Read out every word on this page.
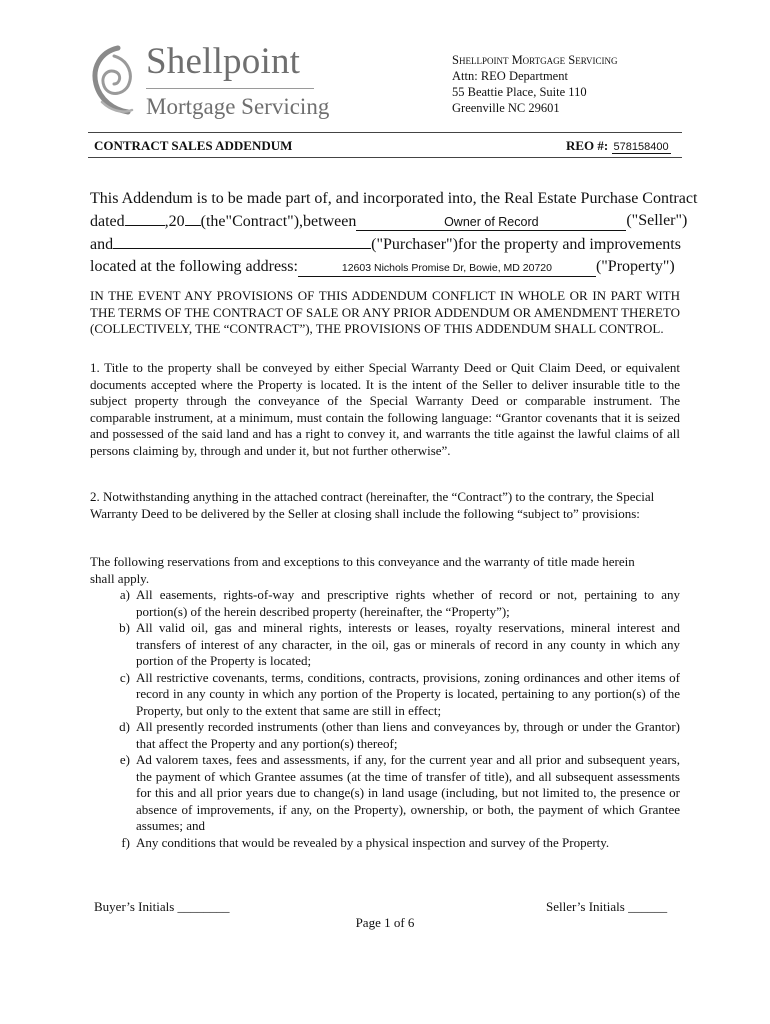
Shellpoint
Mortgage Servicing
Shellpoint Mortgage Servicing
Attn: REO Department
55 Beattie Place, Suite 110
Greenville NC 29601
CONTRACT SALES ADDENDUM	REO #: 578158400
This Addendum is to be made part of, and incorporated into, the Real Estate Purchase Contract
dated	,20 (the"Contract"),between	Owner of Record	("Seller")
and	("Purchaser")for the property and improvements
located at the following address:	12603 Nichols Promise Dr, Bowie, MD 20720	("Property")
IN THE EVENT ANY PROVISIONS OF THIS ADDENDUM CONFLICT IN WHOLE OR IN PART WITH THE TERMS OF THE CONTRACT OF SALE OR ANY PRIOR ADDENDUM OR AMENDMENT THERETO (COLLECTIVELY, THE “CONTRACT”), THE PROVISIONS OF THIS ADDENDUM SHALL CONTROL.
1. Title to the property shall be conveyed by either Special Warranty Deed or Quit Claim Deed, or equivalent documents accepted where the Property is located. It is the intent of the Seller to deliver insurable title to the subject property through the conveyance of the Special Warranty Deed or comparable instrument. The comparable instrument, at a minimum, must contain the following language: “Grantor covenants that it is seized and possessed of the said land and has a right to convey it, and warrants the title against the lawful claims of all persons claiming by, through and under it, but not further otherwise”.
2. Notwithstanding anything in the attached contract (hereinafter, the “Contract”) to the contrary, the Special Warranty Deed to be delivered by the Seller at closing shall include the following “subject to” provisions:
The following reservations from and exceptions to this conveyance and the warranty of title made herein shall apply.
a) All easements, rights-of-way and prescriptive rights whether of record or not, pertaining to any portion(s) of the herein described property (hereinafter, the “Property”);
b) All valid oil, gas and mineral rights, interests or leases, royalty reservations, mineral interest and transfers of interest of any character, in the oil, gas or minerals of record in any county in which any portion of the Property is located;
c) All restrictive covenants, terms, conditions, contracts, provisions, zoning ordinances and other items of record in any county in which any portion of the Property is located, pertaining to any portion(s) of the Property, but only to the extent that same are still in effect;
d) All presently recorded instruments (other than liens and conveyances by, through or under the Grantor) that affect the Property and any portion(s) thereof;
e) Ad valorem taxes, fees and assessments, if any, for the current year and all prior and subsequent years, the payment of which Grantee assumes (at the time of transfer of title), and all subsequent assessments for this and all prior years due to change(s) in land usage (including, but not limited to, the presence or absence of improvements, if any, on the Property), ownership, or both, the payment of which Grantee assumes; and
f) Any conditions that would be revealed by a physical inspection and survey of the Property.
Buyer’s Initials ________	Seller’s Initials ______
Page 1 of 6
